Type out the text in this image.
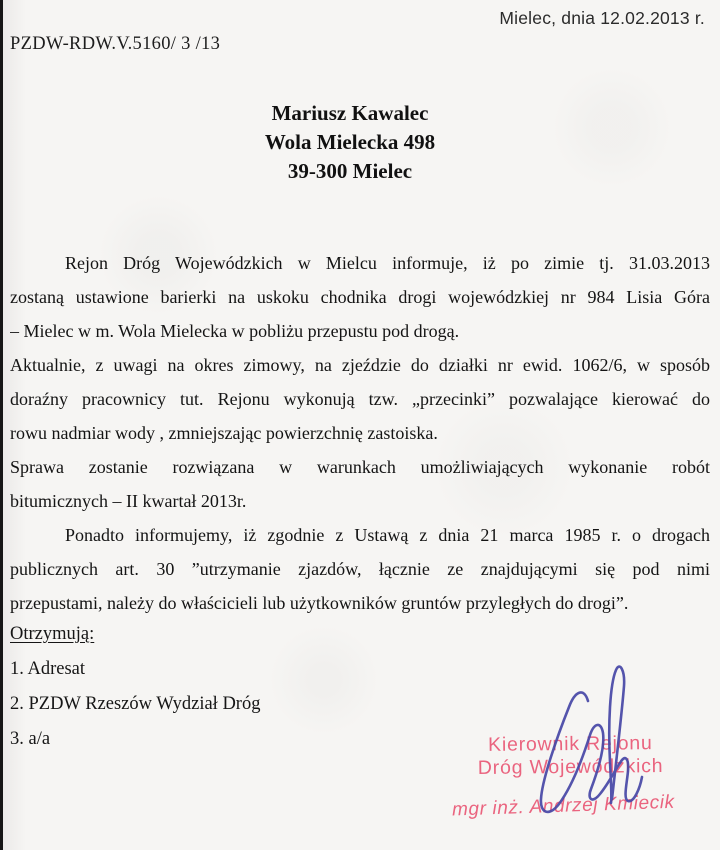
Mielec, dnia 12.02.2013 r.
PZDW-RDW.V.5160/ 3 /13
Mariusz Kawalec
Wola Mielecka 498
39-300 Mielec
Rejon Dróg Wojewódzkich w Mielcu informuje, iż po zimie tj. 31.03.2013
zostaną ustawione barierki na uskoku chodnika drogi wojewódzkiej nr 984 Lisia Góra
– Mielec w m. Wola Mielecka w pobliżu przepustu pod drogą.
Aktualnie, z uwagi na okres zimowy, na zjeździe do działki nr ewid. 1062/6, w sposób
doraźny pracownicy tut. Rejonu wykonują tzw. „przecinki” pozwalające kierować do
rowu nadmiar wody , zmniejszając powierzchnię zastoiska.
Sprawa zostanie rozwiązana w warunkach umożliwiających wykonanie robót
bitumicznych – II kwartał 2013r.
Ponadto informujemy, iż zgodnie z Ustawą z dnia 21 marca 1985 r. o drogach
publicznych art. 30 ”utrzymanie zjazdów, łącznie ze znajdującymi się pod nimi
przepustami, należy do właścicieli lub użytkowników gruntów przyległych do drogi”.
Otrzymują:
1. Adresat
2. PZDW Rzeszów Wydział Dróg
3. a/a	Kierownik Rejonu
Dróg Wojewódzkich
mgr inż. Andrzej Kmiecik
